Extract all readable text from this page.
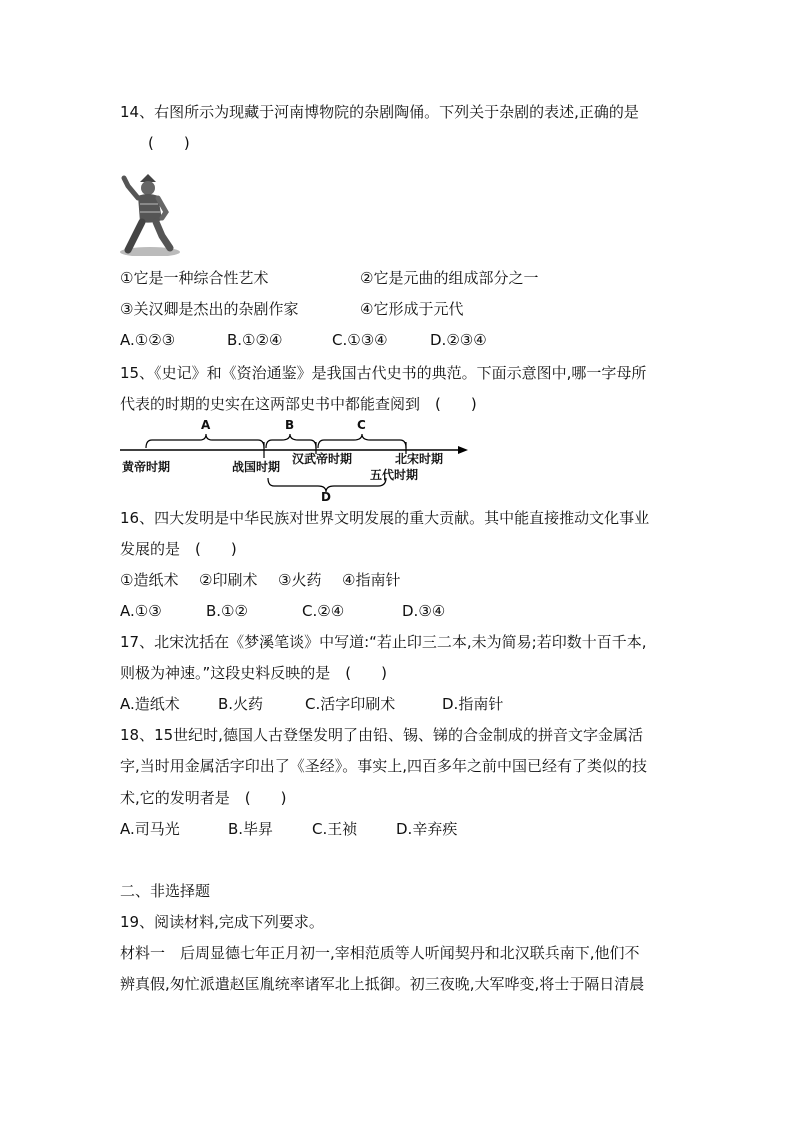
14、右图所示为现藏于河南博物院的杂剧陶俑。下列关于杂剧的表述,正确的是
(　　)
①它是一种综合性艺术	②它是元曲的组成部分之一
③关汉卿是杰出的杂剧作家	④它形成于元代
A.①②③	B.①②④	C.①③④	D.②③④
15、《史记》和《资治通鉴》是我国古代史书的典范。下面示意图中,哪一字母所
代表的时期的史实在这两部史书中都能查阅到　(　　)
A	B	C
D
黄帝时期	战国时期
汉武帝时期
五代时期
北宋时期
16、四大发明是中华民族对世界文明发展的重大贡献。其中能直接推动文化事业
发展的是　(　　)
①造纸术 ②印刷术 ③火药 ④指南针
A.①③	B.①②	C.②④	D.③④
17、北宋沈括在《梦溪笔谈》中写道:“若止印三二本,未为简易;若印数十百千本,
则极为神速。”这段史料反映的是　(　　)
A.造纸术	B.火药	C.活字印刷术	D.指南针
18、15世纪时,德国人古登堡发明了由铅、锡、锑的合金制成的拼音文字金属活
字,当时用金属活字印出了《圣经》。事实上,四百多年之前中国已经有了类似的技
术,它的发明者是　(　　)
A.司马光	B.毕昇	C.王祯	D.辛弃疾
二、非选择题
19、阅读材料,完成下列要求。
材料一　后周显德七年正月初一,宰相范质等人听闻契丹和北汉联兵南下,他们不
辨真假,匆忙派遣赵匡胤统率诸军北上抵御。初三夜晚,大军哗变,将士于隔日清晨
